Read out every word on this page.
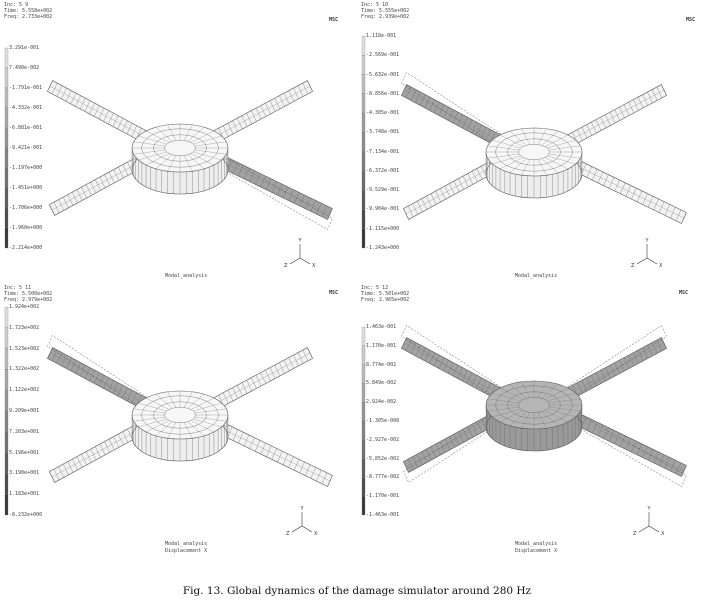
Y
X
Z
Inc: 5 9
Time: 5.558e+002
Freq: 2.733e+002	MSC
3.291e-001
7.490e-002
-1.791e-001
-4.332e-001
-6.881e-001
-9.421e-001
-1.197e+000
-1.451e+000
-1.706e+000
-1.960e+000
-2.214e+000
Modal_analysis
Y
X
Z
Inc: 5 10
Time: 5.555e+002
Freq: 2.939e+002	MSC
1.118e-001
-2.569e-001
-5.632e-001
-8.856e-001
-4.305e-001
-3.748e-001
-7.134e-001
-6.372e-001
-9.529e-001
-9.904e-001
-1.115e+000
-1.243e+000
Modal_analysis
Y
X
Z
Inc: 5 11
Time: 5.500e+002
Freq: 2.979e+002
MSC
1.924e+002
1.723e+002
1.523e+002
1.322e+002
1.122e+002
9.209e+001
7.203e+001
5.196e+001
3.190e+001
1.183e+001
-8.232e+000
Modal_analysis
Displacement X
Y
X
Z
Inc: 5 12
Time: 5.501e+002
Freq: 2.965e+002
MSC
1.463e-001
1.170e-001
8.774e-002
5.849e-002
2.924e-002
-1.305e-008
-2.927e-002
-5.852e-002
-8.777e-002
-1.170e-001
-1.463e-001
Modal_analysis
Displacement X
Fig. 13. Global dynamics of the damage simulator around 280 Hz
